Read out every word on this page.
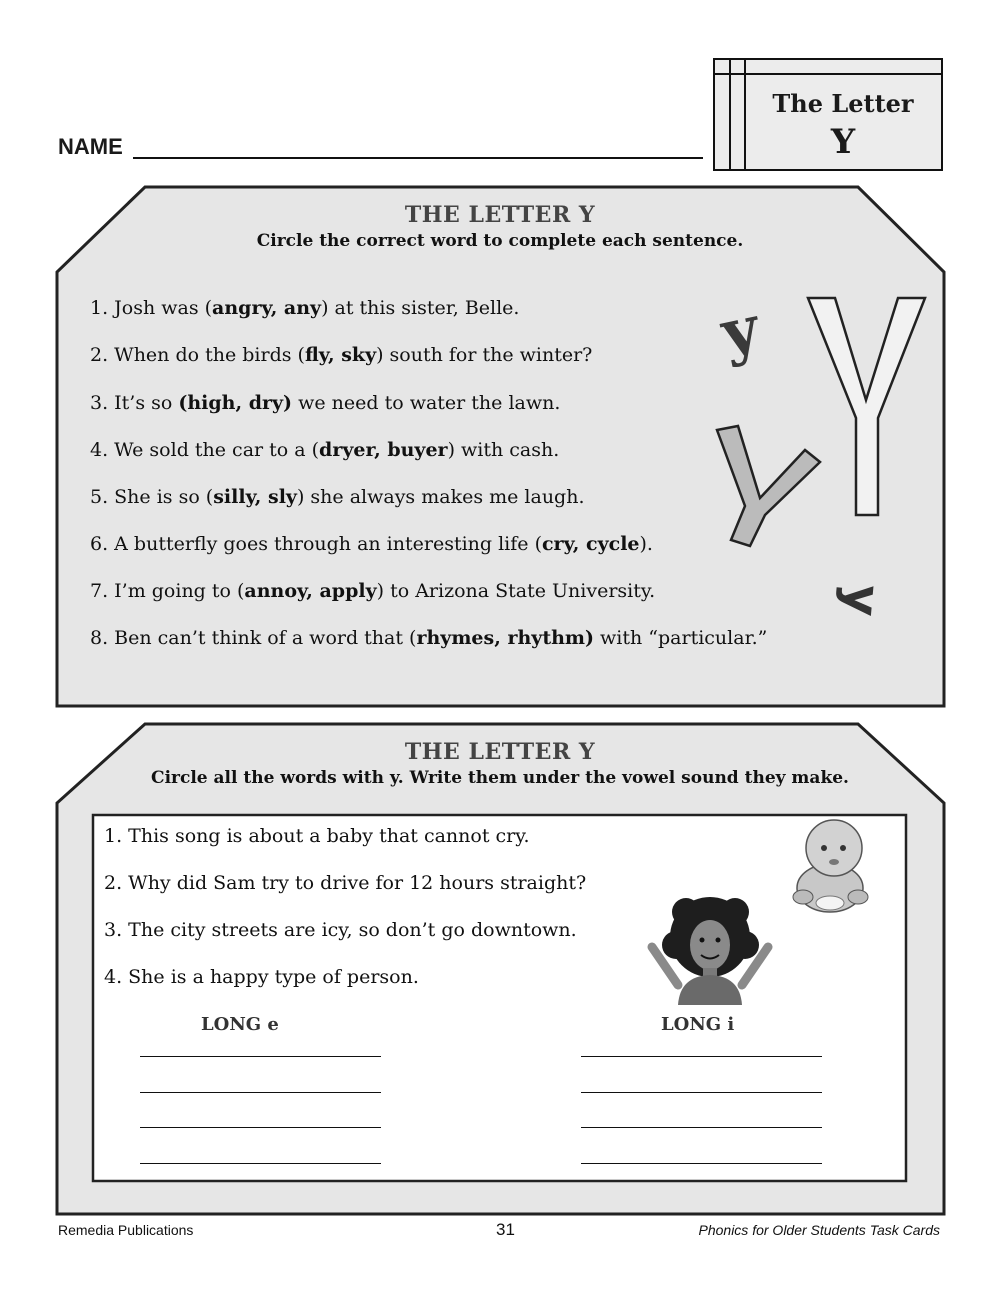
NAME
The Letter
Y
y
y
THE LETTER Y
Circle the correct word to complete each sentence.
1. Josh was (angry, any) at this sister, Belle.
2. When do the birds (fly, sky) south for the winter?
3. It’s so (high, dry) we need to water the lawn.
4. We sold the car to a (dryer, buyer) with cash.
5. She is so (silly, sly) she always makes me laugh.
6. A butterfly goes through an interesting life (cry, cycle).
7. I’m going to (annoy, apply) to Arizona State University.
8. Ben can’t think of a word that (rhymes, rhythm) with “particular.”
THE LETTER Y
Circle all the words with y. Write them under the vowel sound they make.
1. This song is about a baby that cannot cry.
2. Why did Sam try to drive for 12 hours straight?
3. The city streets are icy, so don’t go downtown.
4. She is a happy type of person.
LONG e	LONG i
Remedia Publications	31	Phonics for Older Students Task Cards
